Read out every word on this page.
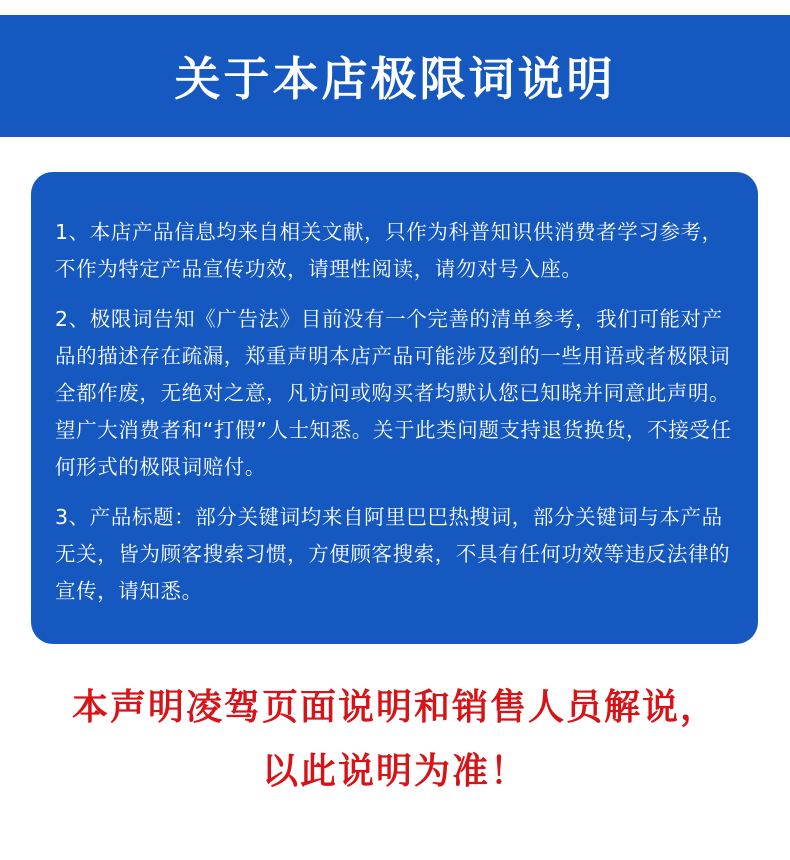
关于本店极限词说明

1、本店产品信息均来自相关文献，只作为科普知识供消费者学习参考，不作为特定产品宣传功效，请理性阅读，请勿对号入座。

2、极限词告知《广告法》目前没有一个完善的清单参考，我们可能对产品的描述存在疏漏，郑重声明本店产品可能涉及到的一些用语或者极限词全都作废，无绝对之意，凡访问或购买者均默认您已知晓并同意此声明。望广大消费者和“打假”人士知悉。关于此类问题支持退货换货，不接受任何形式的极限词赔付。

3、产品标题：部分关键词均来自阿里巴巴热搜词，部分关键词与本产品无关，皆为顾客搜索习惯，方便顾客搜索，不具有任何功效等违反法律的宣传，请知悉。

本声明凌驾页面说明和销售人员解说，
以此说明为准！
